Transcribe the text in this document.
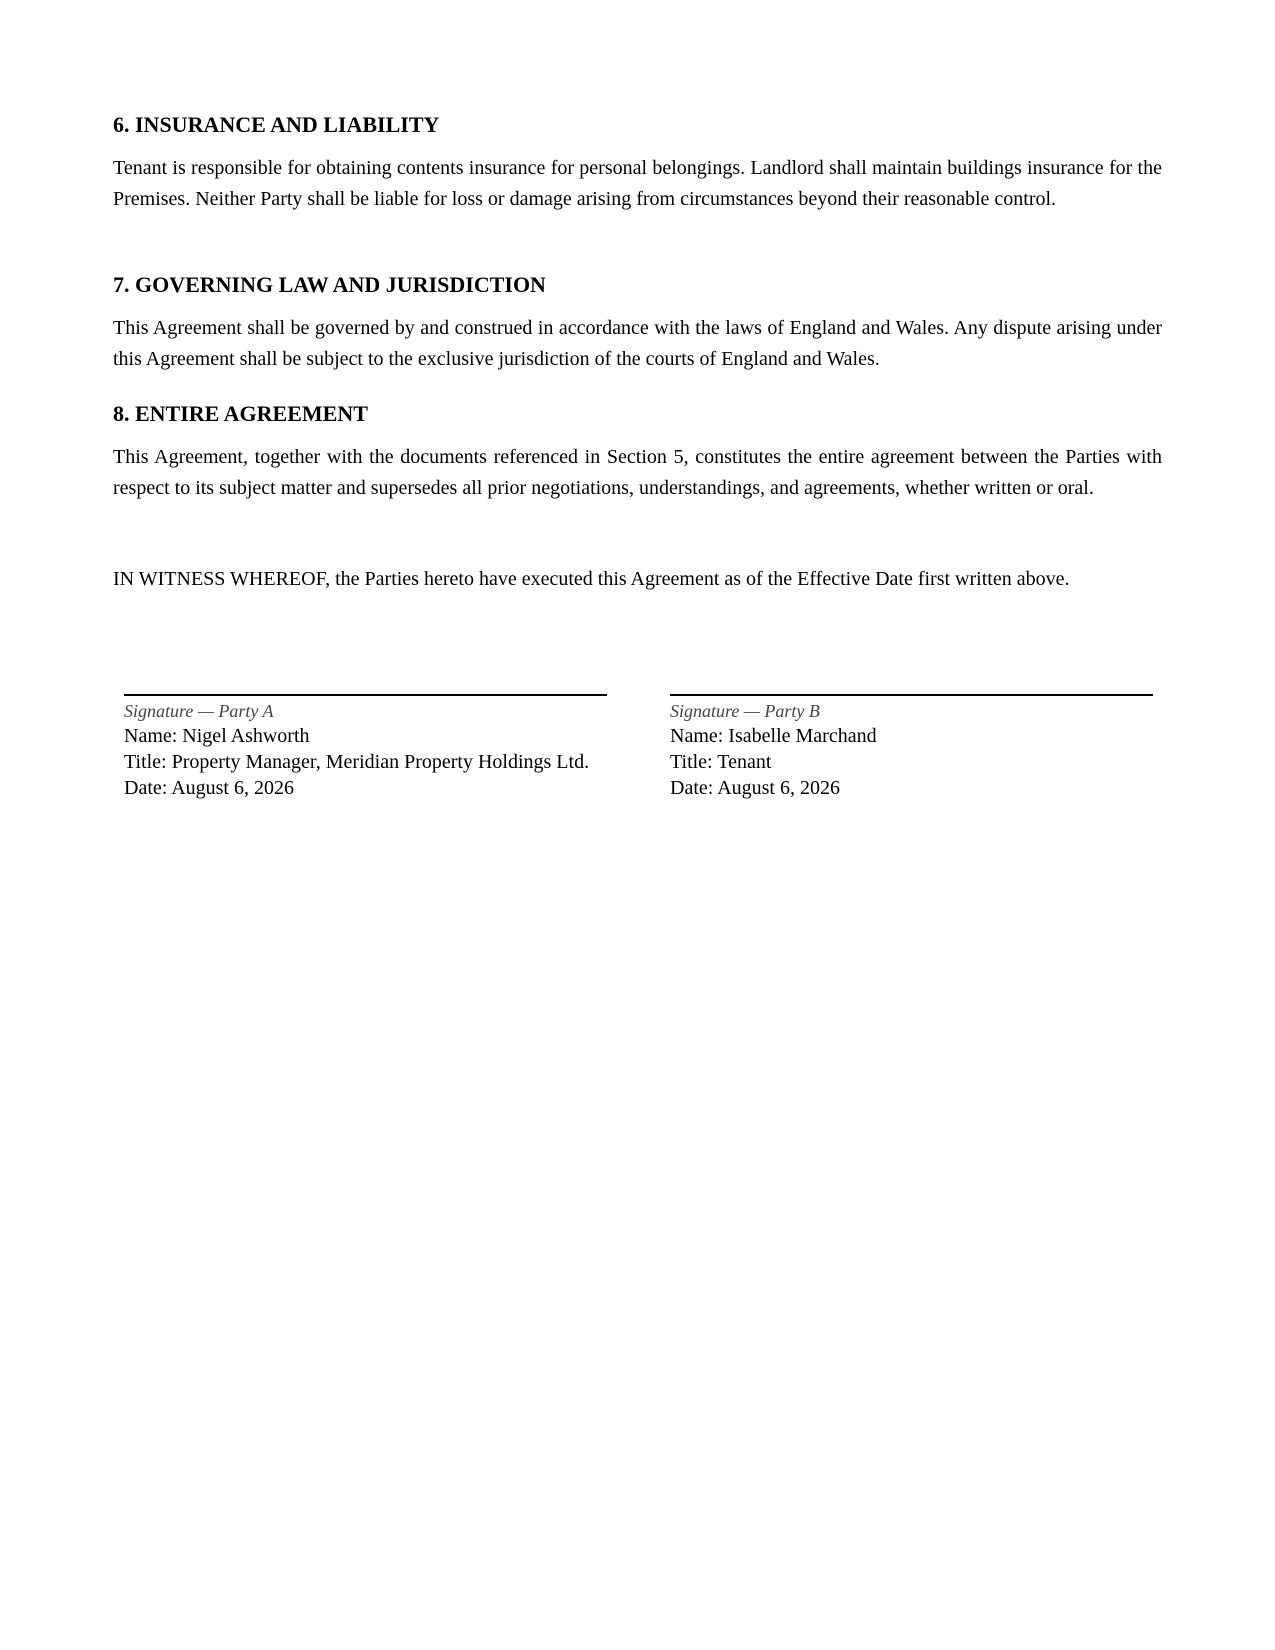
6. INSURANCE AND LIABILITY

Tenant is responsible for obtaining contents insurance for personal belongings. Landlord shall maintain buildings insurance for the Premises. Neither Party shall be liable for loss or damage arising from circumstances beyond their reasonable control.

7. GOVERNING LAW AND JURISDICTION

This Agreement shall be governed by and construed in accordance with the laws of England and Wales. Any dispute arising under this Agreement shall be subject to the exclusive jurisdiction of the courts of England and Wales.

8. ENTIRE AGREEMENT

This Agreement, together with the documents referenced in Section 5, constitutes the entire agreement between the Parties with respect to its subject matter and supersedes all prior negotiations, understandings, and agreements, whether written or oral.

IN WITNESS WHEREOF, the Parties hereto have executed this Agreement as of the Effective Date first written above.

Signature — Party A
Name: Nigel Ashworth
Title: Property Manager, Meridian Property Holdings Ltd.
Date: August 6, 2026
Signature — Party B
Name: Isabelle Marchand
Title: Tenant
Date: August 6, 2026
